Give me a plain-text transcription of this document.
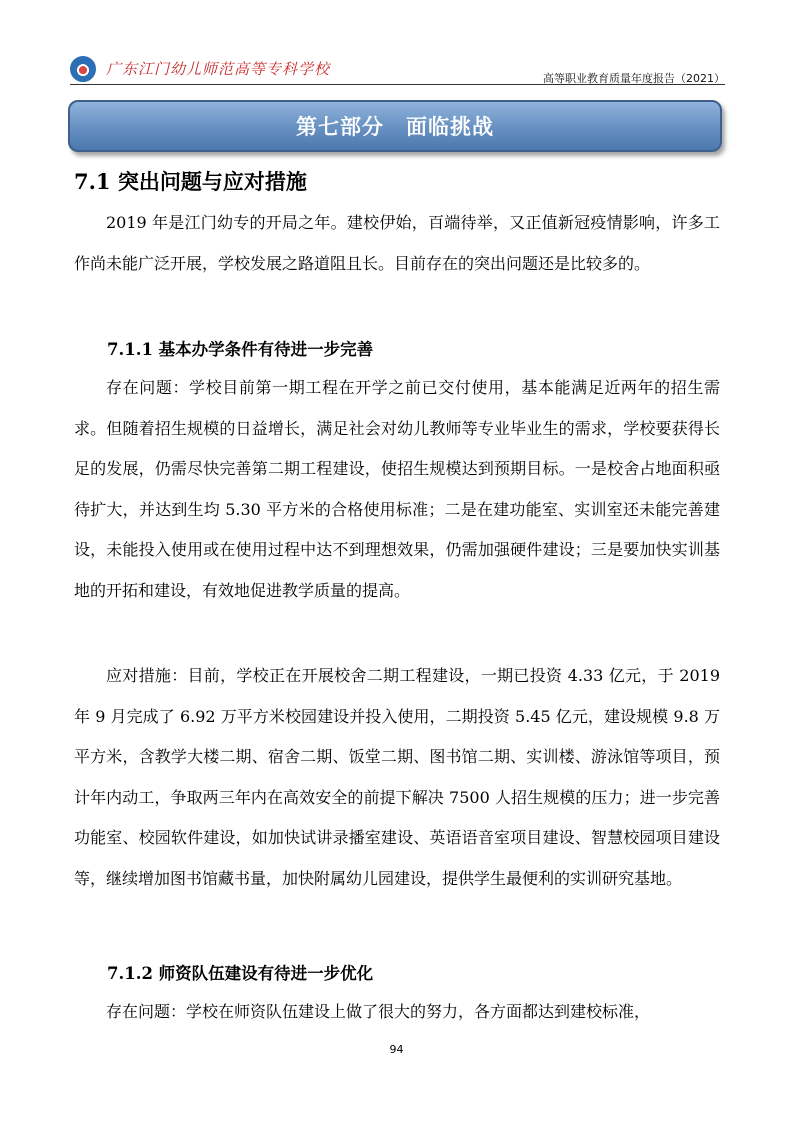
广东江门幼儿师范高等专科学校
高等职业教育质量年度报告（2021）
第七部分　面临挑战
7.1 突出问题与应对措施
2019 年是江门幼专的开局之年。建校伊始，百端待举，又正值新冠疫情影响，许多工作尚未能广泛开展，学校发展之路道阻且长。目前存在的突出问题还是比较多的。
7.1.1 基本办学条件有待进一步完善
存在问题：学校目前第一期工程在开学之前已交付使用，基本能满足近两年的招生需求。但随着招生规模的日益增长，满足社会对幼儿教师等专业毕业生的需求，学校要获得长足的发展，仍需尽快完善第二期工程建设，使招生规模达到预期目标。一是校舍占地面积亟待扩大，并达到生均 5.30 平方米的合格使用标准；二是在建功能室、实训室还未能完善建设，未能投入使用或在使用过程中达不到理想效果，仍需加强硬件建设；三是要加快实训基地的开拓和建设，有效地促进教学质量的提高。
应对措施：目前，学校正在开展校舍二期工程建设，一期已投资 4.33 亿元，于 2019 年 9 月完成了 6.92 万平方米校园建设并投入使用，二期投资 5.45 亿元，建设规模 9.8 万平方米，含教学大楼二期、宿舍二期、饭堂二期、图书馆二期、实训楼、游泳馆等项目，预计年内动工，争取两三年内在高效安全的前提下解决 7500 人招生规模的压力；进一步完善功能室、校园软件建设，如加快试讲录播室建设、英语语音室项目建设、智慧校园项目建设等，继续增加图书馆藏书量，加快附属幼儿园建设，提供学生最便利的实训研究基地。
7.1.2 师资队伍建设有待进一步优化
存在问题：学校在师资队伍建设上做了很大的努力，各方面都达到建校标准，
94
